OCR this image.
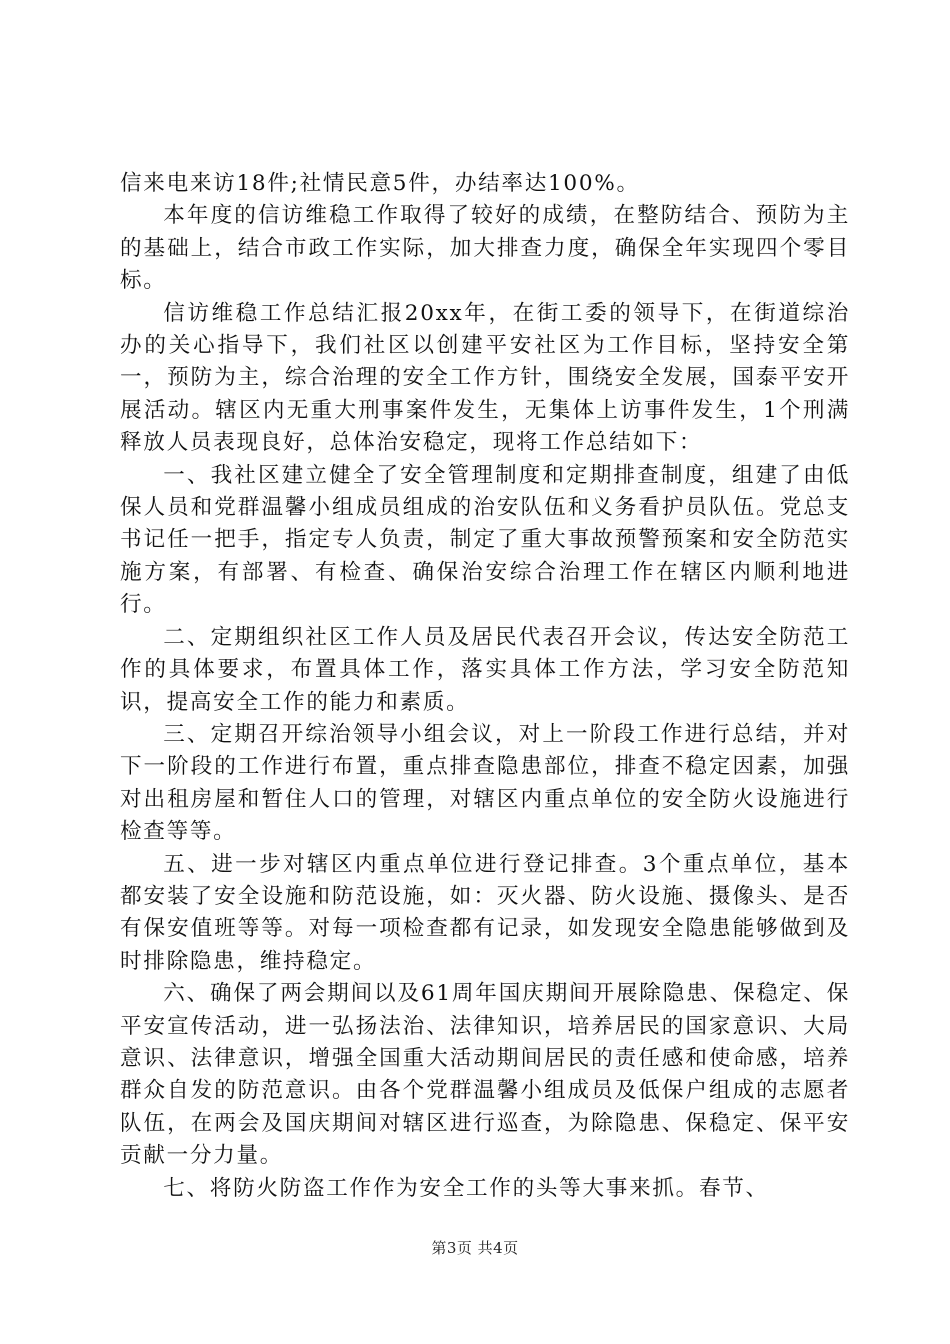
信来电来访18件;社情民意5件，办结率达100%。

本年度的信访维稳工作取得了较好的成绩，在整防结合、预防为主的基础上，结合市政工作实际，加大排查力度，确保全年实现四个零目标。

信访维稳工作总结汇报20xx年，在街工委的领导下，在街道综治办的关心指导下，我们社区以创建平安社区为工作目标，坚持安全第一，预防为主，综合治理的安全工作方针，围绕安全发展，国泰平安开展活动。辖区内无重大刑事案件发生，无集体上访事件发生，1个刑满释放人员表现良好，总体治安稳定，现将工作总结如下：

一、我社区建立健全了安全管理制度和定期排查制度，组建了由低保人员和党群温馨小组成员组成的治安队伍和义务看护员队伍。党总支书记任一把手，指定专人负责，制定了重大事故预警预案和安全防范实施方案，有部署、有检查、确保治安综合治理工作在辖区内顺利地进行。

二、定期组织社区工作人员及居民代表召开会议，传达安全防范工作的具体要求，布置具体工作，落实具体工作方法，学习安全防范知识，提高安全工作的能力和素质。

三、定期召开综治领导小组会议，对上一阶段工作进行总结，并对下一阶段的工作进行布置，重点排查隐患部位，排查不稳定因素，加强对出租房屋和暂住人口的管理，对辖区内重点单位的安全防火设施进行检查等等。

五、进一步对辖区内重点单位进行登记排查。3个重点单位，基本都安装了安全设施和防范设施，如：灭火器、防火设施、摄像头、是否有保安值班等等。对每一项检查都有记录，如发现安全隐患能够做到及时排除隐患，维持稳定。

六、确保了两会期间以及61周年国庆期间开展除隐患、保稳定、保平安宣传活动，进一弘扬法治、法律知识，培养居民的国家意识、大局意识、法律意识，增强全国重大活动期间居民的责任感和使命感，培养群众自发的防范意识。由各个党群温馨小组成员及低保户组成的志愿者队伍，在两会及国庆期间对辖区进行巡查，为除隐患、保稳定、保平安贡献一分力量。

七、将防火防盗工作作为安全工作的头等大事来抓。春节、

第3页 共4页
